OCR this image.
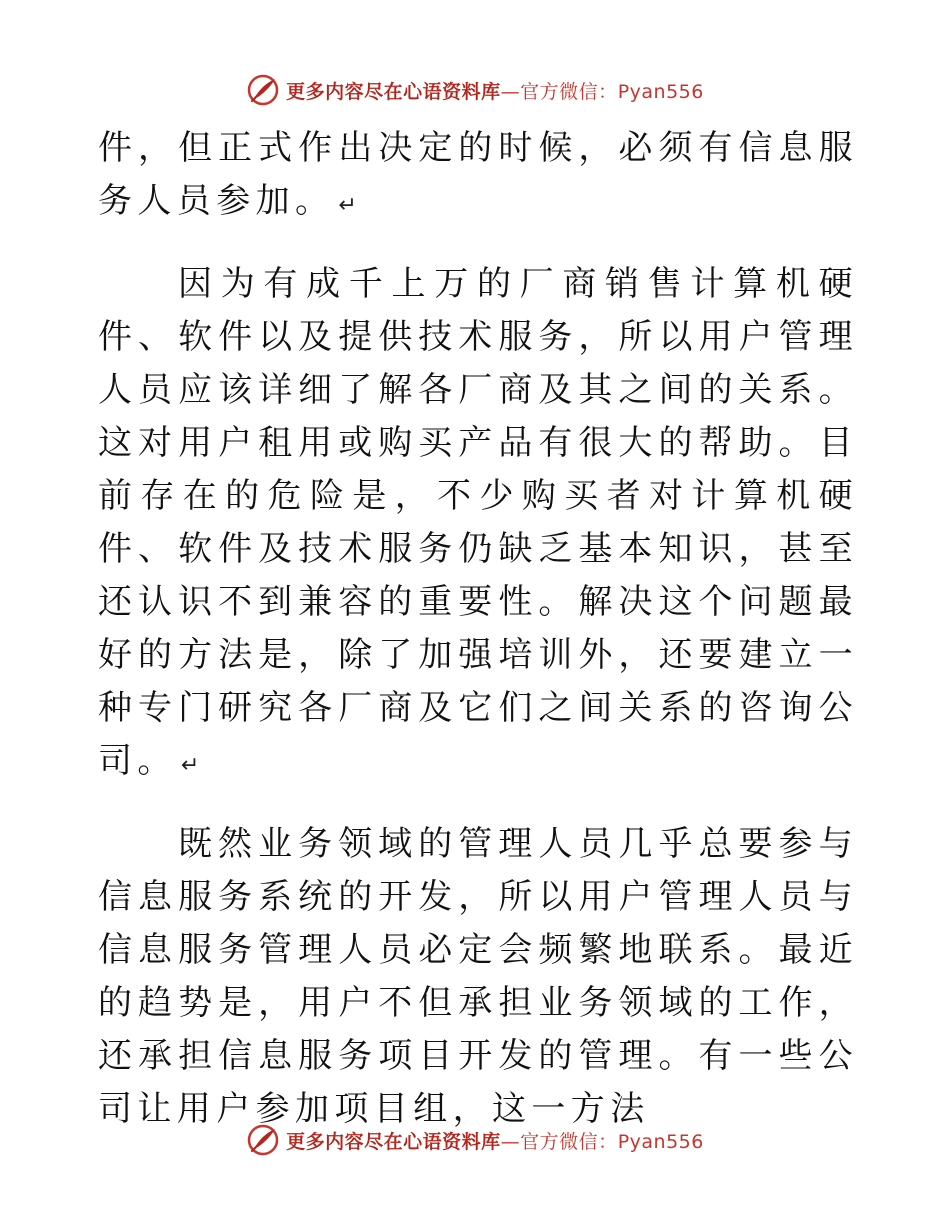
更多内容尽在心语资料库—官方微信：Pyan556

件，但正式作出决定的时候，必须有信息服务人员参加。 ↵

因为有成千上万的厂商销售计算机硬件、软件以及提供技术服务，所以用户管理人员应该详细了解各厂商及其之间的关系。这对用户租用或购买产品有很大的帮助。目前存在的危险是，不少购买者对计算机硬件、软件及技术服务仍缺乏基本知识，甚至还认识不到兼容的重要性。解决这个问题最好的方法是，除了加强培训外，还要建立一种专门研究各厂商及它们之间关系的咨询公司。 ↵

既然业务领域的管理人员几乎总要参与信息服务系统的开发，所以用户管理人员与信息服务管理人员必定会频繁地联系。最近的趋势是，用户不但承担业务领域的工作，还承担信息服务项目开发的管理。有一些公司让用户参加项目组，这一方法

更多内容尽在心语资料库—官方微信：Pyan556
